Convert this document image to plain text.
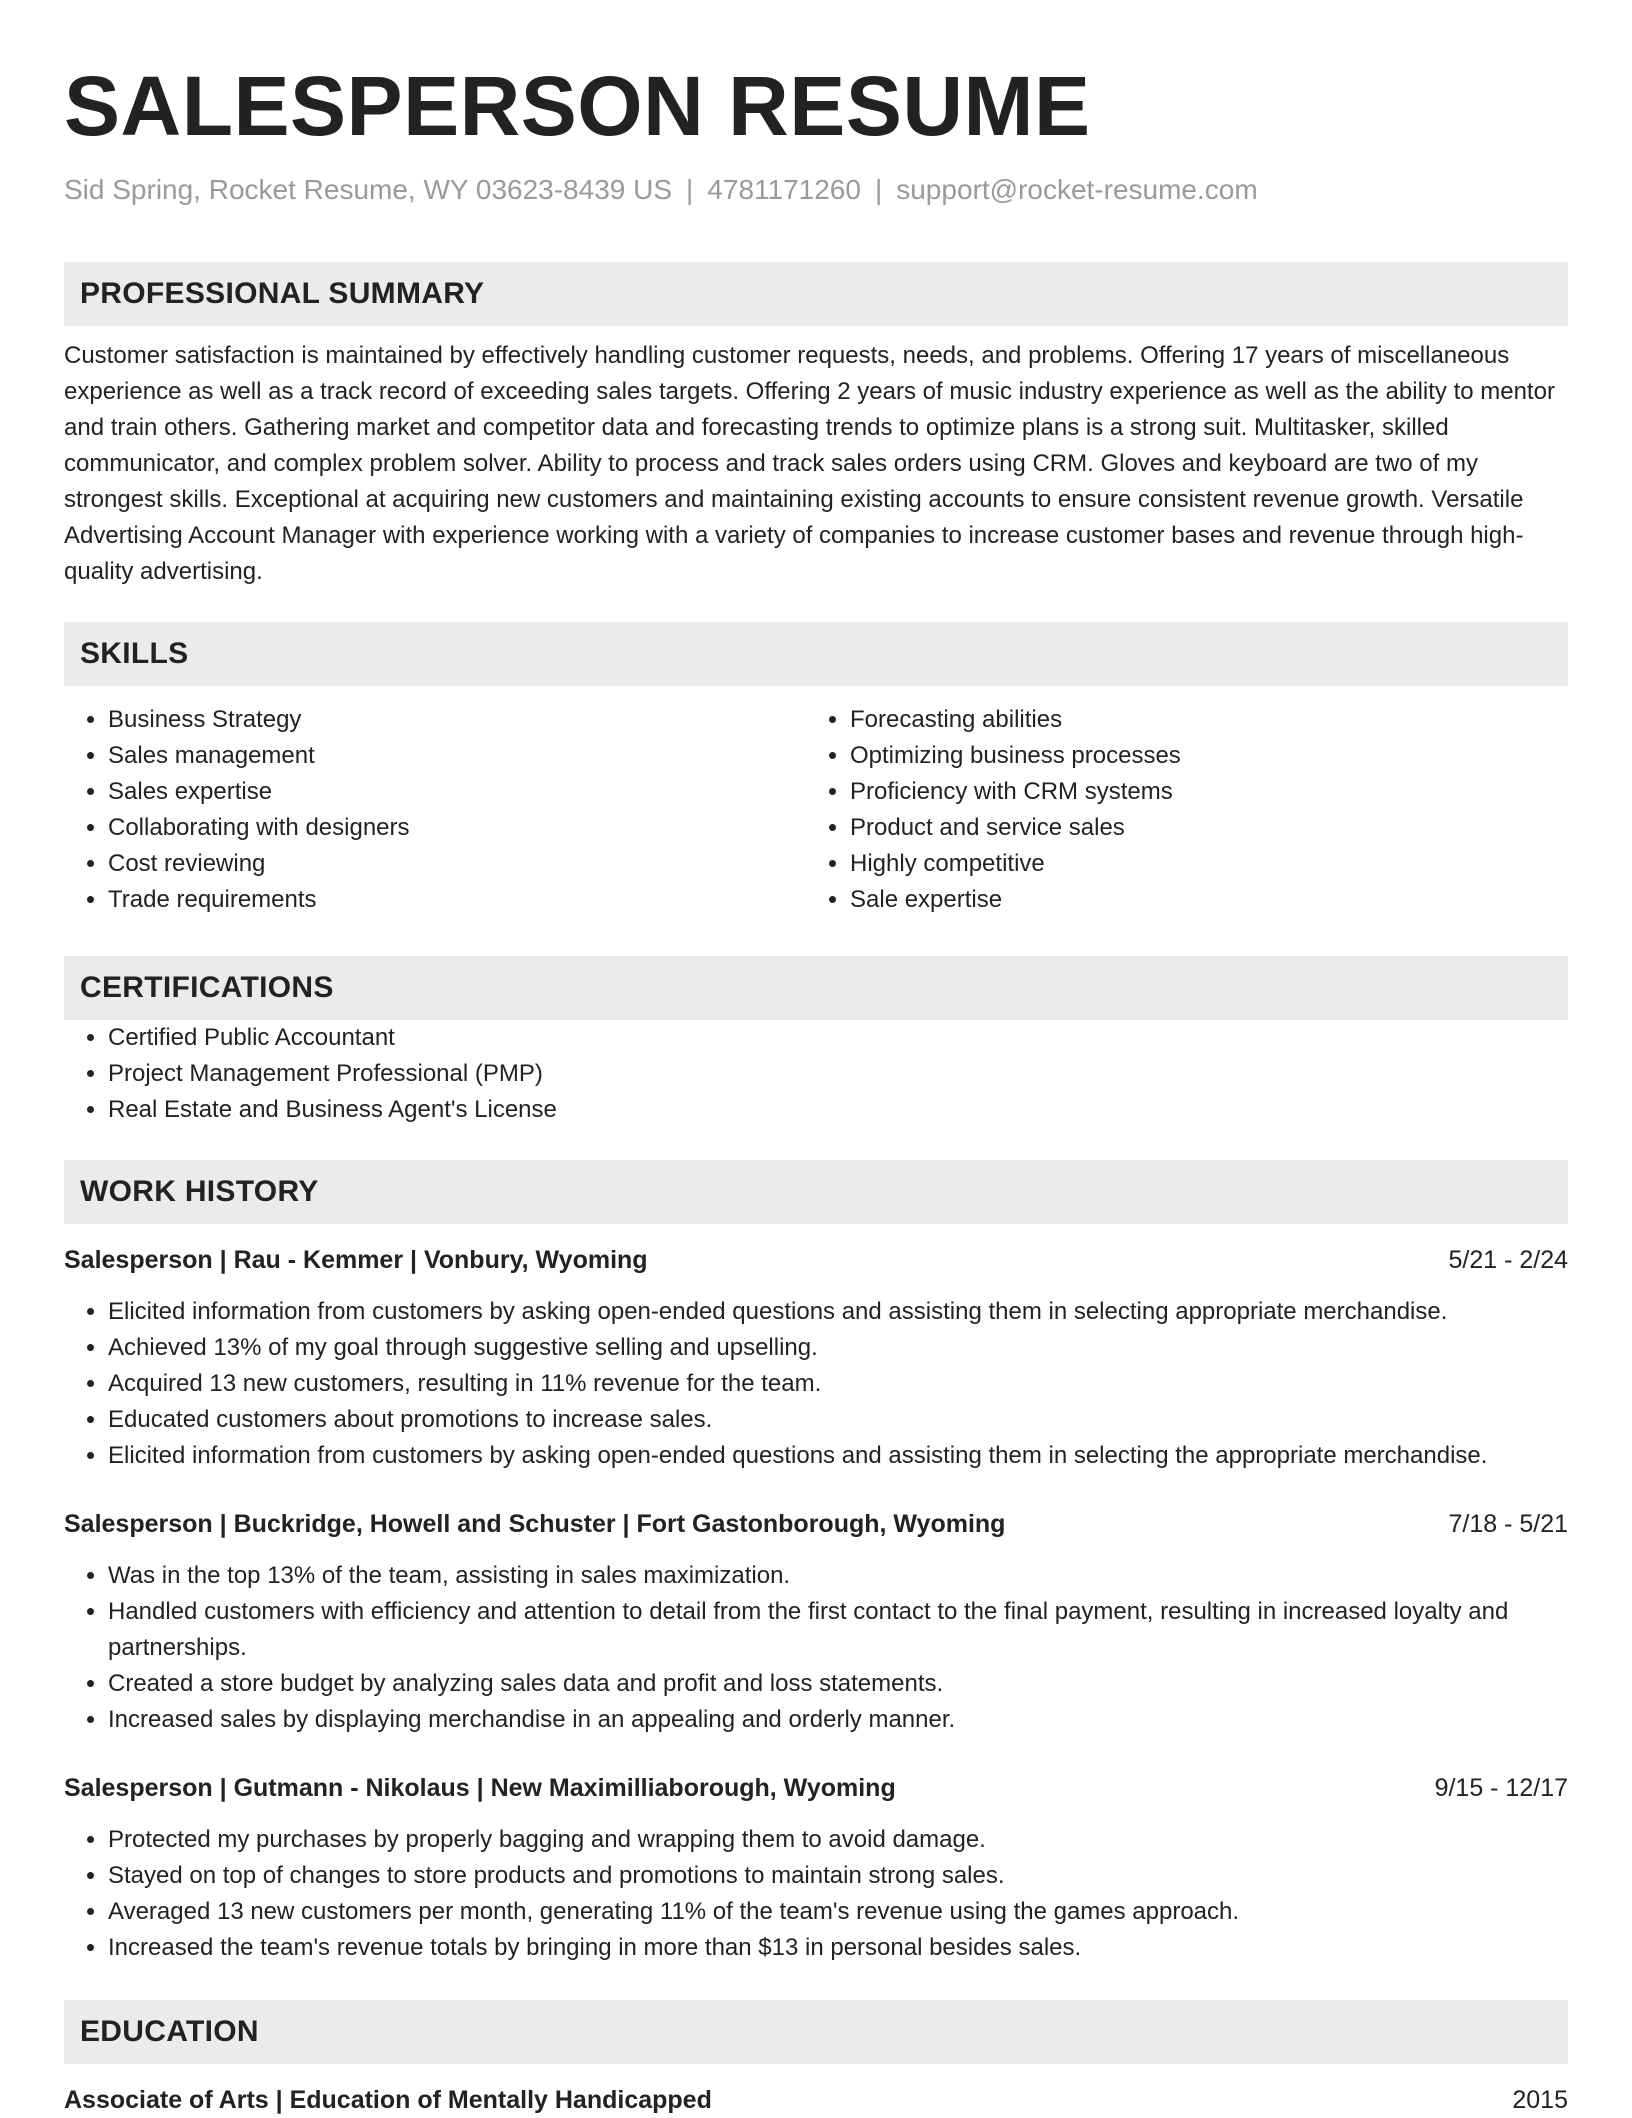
SALESPERSON RESUME
Sid Spring, Rocket Resume, WY 03623-8439 US | 4781171260 | support@rocket-resume.com
PROFESSIONAL SUMMARY

Customer satisfaction is maintained by effectively handling customer requests, needs, and problems. Offering 17 years of miscellaneous experience as well as a track record of exceeding sales targets. Offering 2 years of music industry experience as well as the ability to mentor and train others. Gathering market and competitor data and forecasting trends to optimize plans is a strong suit. Multitasker, skilled communicator, and complex problem solver. Ability to process and track sales orders using CRM. Gloves and keyboard are two of my strongest skills. Exceptional at acquiring new customers and maintaining existing accounts to ensure consistent revenue growth. Versatile Advertising Account Manager with experience working with a variety of companies to increase customer bases and revenue through high-quality advertising.

SKILLS
• Business Strategy
• Sales management
• Sales expertise
• Collaborating with designers
• Cost reviewing
• Trade requirements
• Forecasting abilities
• Optimizing business processes
• Proficiency with CRM systems
• Product and service sales
• Highly competitive
• Sale expertise
CERTIFICATIONS
• Certified Public Accountant
• Project Management Professional (PMP)
• Real Estate and Business Agent's License
WORK HISTORY
Salesperson | Rau - Kemmer | Vonbury, Wyoming	5/21 - 2/24
• Elicited information from customers by asking open-ended questions and assisting them in selecting appropriate merchandise.
• Achieved 13% of my goal through suggestive selling and upselling.
• Acquired 13 new customers, resulting in 11% revenue for the team.
• Educated customers about promotions to increase sales.
• Elicited information from customers by asking open-ended questions and assisting them in selecting the appropriate merchandise.
Salesperson | Buckridge, Howell and Schuster | Fort Gastonborough, Wyoming	7/18 - 5/21
• Was in the top 13% of the team, assisting in sales maximization.
• Handled customers with efficiency and attention to detail from the first contact to the final payment, resulting in increased loyalty and partnerships.
• Created a store budget by analyzing sales data and profit and loss statements.
• Increased sales by displaying merchandise in an appealing and orderly manner.
Salesperson | Gutmann - Nikolaus | New Maximilliaborough, Wyoming	9/15 - 12/17
• Protected my purchases by properly bagging and wrapping them to avoid damage.
• Stayed on top of changes to store products and promotions to maintain strong sales.
• Averaged 13 new customers per month, generating 11% of the team's revenue using the games approach.
• Increased the team's revenue totals by bringing in more than $13 in personal besides sales.
EDUCATION
Associate of Arts | Education of Mentally Handicapped	2015
